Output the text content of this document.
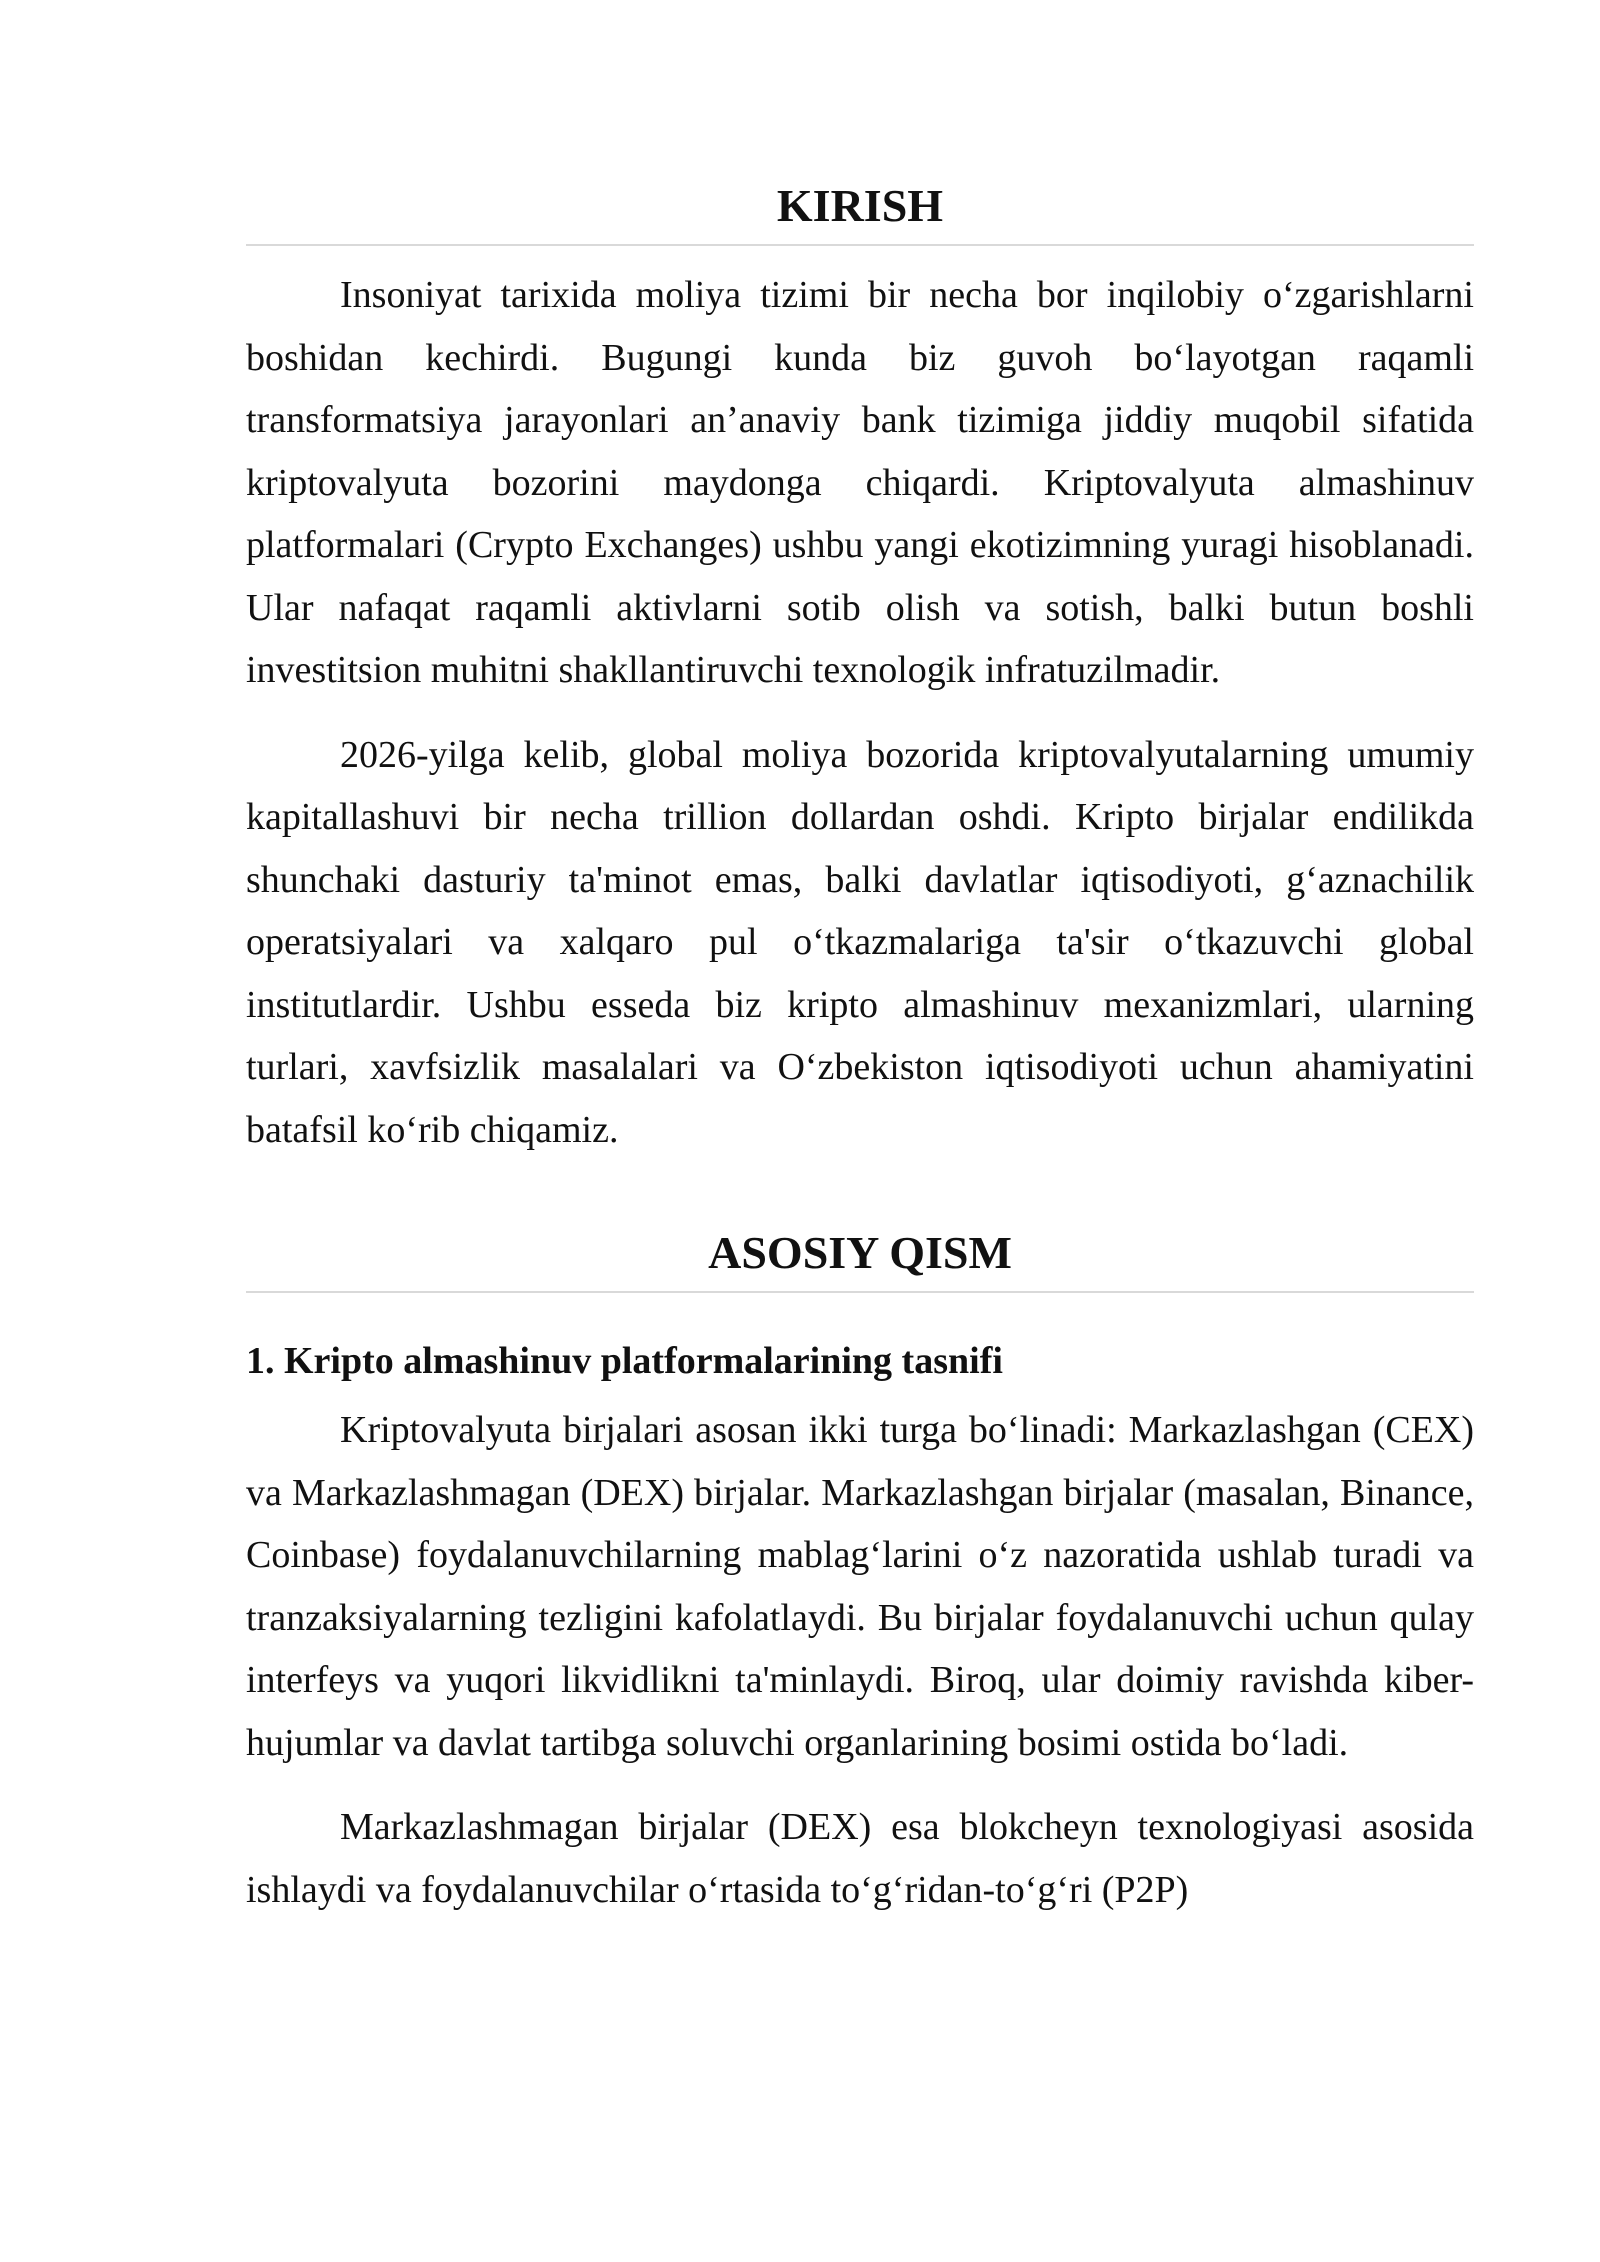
KIRISH

Insoniyat tarixida moliya tizimi bir necha bor inqilobiy o‘zgarishlarni boshidan kechirdi. Bugungi kunda biz guvoh bo‘layotgan raqamli transformatsiya jarayonlari an’anaviy bank tizimiga jiddiy muqobil sifatida kriptovalyuta bozorini maydonga chiqardi. Kriptovalyuta almashinuv platformalari (Crypto Exchanges) ushbu yangi ekotizimning yuragi hisoblanadi. Ular nafaqat raqamli aktivlarni sotib olish va sotish, balki butun boshli investitsion muhitni shakllantiruvchi texnologik infratuzilmadir.

2026-yilga kelib, global moliya bozorida kriptovalyutalarning umumiy kapitallashuvi bir necha trillion dollardan oshdi. Kripto birjalar endilikda shunchaki dasturiy ta'minot emas, balki davlatlar iqtisodiyoti, g‘aznachilik operatsiyalari va xalqaro pul o‘tkazmalariga ta'sir o‘tkazuvchi global institutlardir. Ushbu esseda biz kripto almashinuv mexanizmlari, ularning turlari, xavfsizlik masalalari va O‘zbekiston iqtisodiyoti uchun ahamiyatini batafsil ko‘rib chiqamiz.

ASOSIY QISM
1. Kripto almashinuv platformalarining tasnifi

Kriptovalyuta birjalari asosan ikki turga bo‘linadi: Markazlashgan (CEX) va Markazlashmagan (DEX) birjalar. Markazlashgan birjalar (masalan, Binance, Coinbase) foydalanuvchilarning mablag‘larini o‘z nazoratida ushlab turadi va tranzaksiyalarning tezligini kafolatlaydi. Bu birjalar foydalanuvchi uchun qulay interfeys va yuqori likvidlikni ta'minlaydi. Biroq, ular doimiy ravishda kiber-hujumlar va davlat tartibga soluvchi organlarining bosimi ostida bo‘ladi.

Markazlashmagan birjalar (DEX) esa blokcheyn texnologiyasi asosida ishlaydi va foydalanuvchilar o‘rtasida to‘g‘ridan-to‘g‘ri (P2P)
